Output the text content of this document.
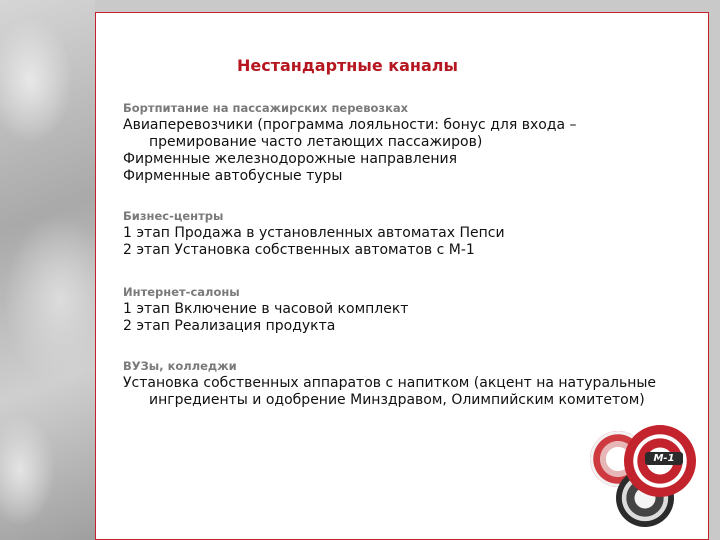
Нестандартные каналы

Бортпитание на пассажирских перевозках

Авиаперевозчики (программа лояльности: бонус для входа – премирование часто летающих пассажиров)

Фирменные железнодорожные направления

Фирменные автобусные туры

Бизнес-центры

1 этап Продажа в установленных автоматах Пепси

2 этап Установка собственных автоматов с М-1

Интернет-салоны

1 этап Включение в часовой комплект

2 этап Реализация продукта

ВУЗы, колледжи

Установка собственных аппаратов с напитком (акцент на натуральные ингредиенты и одобрение Минздравом, Олимпийским комитетом)

M-1
